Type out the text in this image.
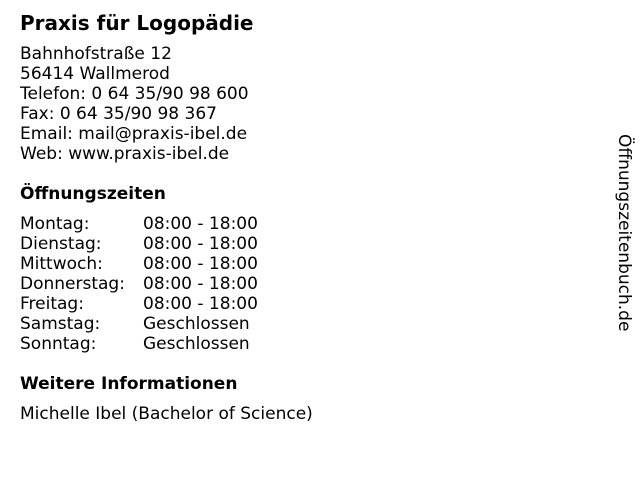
Praxis für Logopädie
Bahnhofstraße 12
56414 Wallmerod
Telefon: 0 64 35/90 98 600
Fax: 0 64 35/90 98 367
Email: mail@praxis-ibel.de
Web: www.praxis-ibel.de
Öffnungszeiten
Montag:	08:00 - 18:00
Dienstag:	08:00 - 18:00
Mittwoch:	08:00 - 18:00
Donnerstag:	08:00 - 18:00
Freitag:	08:00 - 18:00
Samstag:	Geschlossen
Sonntag:	Geschlossen
Weitere Informationen
Michelle Ibel (Bachelor of Science)
Öffnungszeitenbuch.de
